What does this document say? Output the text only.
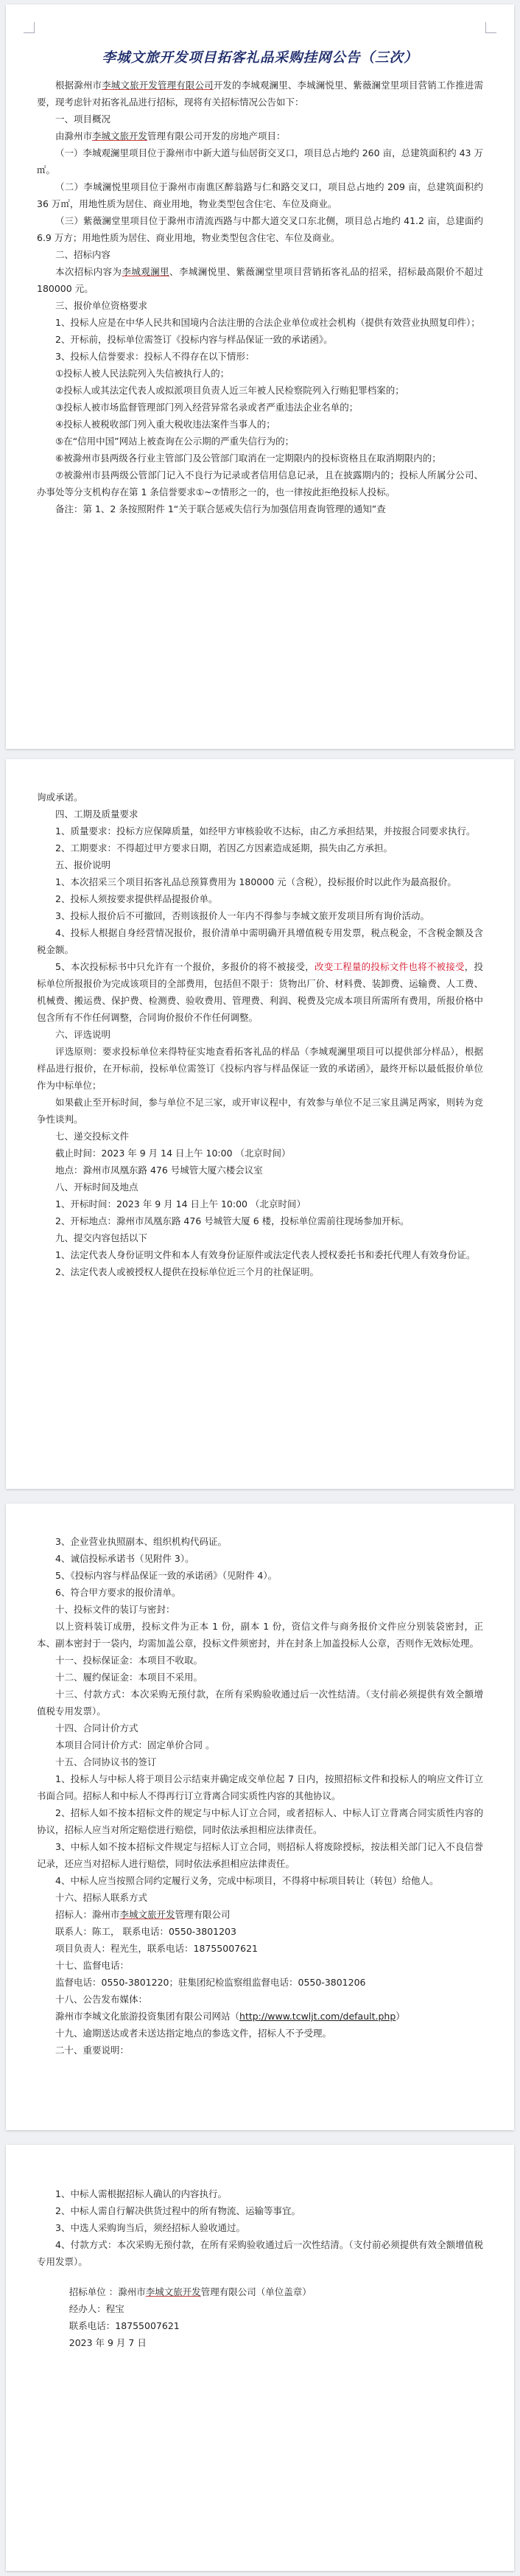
李城文旅开发项目拓客礼品采购挂网公告（三次）

根据滁州市李城文旅开发管理有限公司开发的李城观澜里、李城澜悦里、紫薇澜堂里项目营销工作推进需要，现考虑针对拓客礼品进行招标，现将有关招标情况公告如下：

一、项目概况

由滁州市李城文旅开发管理有限公司开发的房地产项目：

（一）李城观澜里项目位于滁州市中新大道与仙居街交叉口，项目总占地约 260 亩，总建筑面积约 43 万㎡。

（二）李城澜悦里项目位于滁州市南谯区醉翁路与仁和路交叉口，项目总占地约 209 亩，总建筑面积约 36 万㎡，用地性质为居住、商业用地，物业类型包含住宅、车位及商业。

（三）紫薇澜堂里项目位于滁州市清流西路与中都大道交叉口东北侧，项目总占地约 41.2 亩，总建面约 6.9 万方；用地性质为居住、商业用地，物业类型包含住宅、车位及商业。

二、招标内容

本次招标内容为李城观澜里、李城澜悦里、紫薇澜堂里项目营销拓客礼品的招采，招标最高限价不超过 180000 元。

三、报价单位资格要求

1、投标人应是在中华人民共和国境内合法注册的合法企业单位或社会机构（提供有效营业执照复印件）；

2、开标前，投标单位需签订《投标内容与样品保证一致的承诺函》。

3、投标人信誉要求：投标人不得存在以下情形：

①投标人被人民法院列入失信被执行人的；

②投标人或其法定代表人或拟派项目负责人近三年被人民检察院列入行贿犯罪档案的；

③投标人被市场监督管理部门列入经营异常名录或者严重违法企业名单的；

④投标人被税收部门列入重大税收违法案件当事人的；

⑤在“信用中国”网站上被查询在公示期的严重失信行为的；

⑥被滁州市县两级各行业主管部门及公管部门取消在一定期限内的投标资格且在取消期限内的；

⑦被滁州市县两级公管部门记入不良行为记录或者信用信息记录，且在披露期内的；投标人所属分公司、办事处等分支机构存在第 1 条信誉要求①~⑦情形之一的，也一律按此拒绝投标人投标。

备注：第 1、2 条按照附件 1“关于联合惩戒失信行为加强信用查询管理的通知”查

询或承诺。

四、工期及质量要求

1、质量要求：投标方应保障质量，如经甲方审核验收不达标，由乙方承担结果，并按报合同要求执行。

2、工期要求：不得超过甲方要求日期，若因乙方因素造成延期，损失由乙方承担。

五、报价说明

1、本次招采三个项目拓客礼品总预算费用为 180000 元（含税），投标报价时以此作为最高报价。

2、投标人须按要求提供样品提报价单。

3、投标人报价后不可撤回，否则该报价人一年内不得参与李城文旅开发项目所有询价活动。

4、投标人根据自身经营情况报价，报价清单中需明确开具增值税专用发票，税点税金，不含税金额及含税金额。

5、本次投标标书中只允许有一个报价，多报价的将不被接受，改变工程量的投标文件也将不被接受，投标单位所报报价为完成该项目的全部费用，包括但不限于：货物出厂价、材料费、装卸费、运输费、人工费、机械费、搬运费、保护费、检测费、验收费用、管理费、利润、税费及完成本项目所需所有费用，所报价格中包含所有不作任何调整，合同询价报价不作任何调整。

六、评选说明

评选原则：要求投标单位来得特征实地查看拓客礼品的样品（李城观澜里项目可以提供部分样品），根据样品进行报价，在开标前，投标单位需签订《投标内容与样品保证一致的承诺函》，最终开标以最低报价单位作为中标单位；

如果截止至开标时间，参与单位不足三家，或开审议程中，有效参与单位不足三家且满足两家，则转为竞争性谈判。

七、递交投标文件

截止时间：2023 年 9 月 14 日上午 10:00 （北京时间）

地点：滁州市凤凰东路 476 号城管大厦六楼会议室

八、开标时间及地点

1、开标时间：2023 年 9 月 14 日上午 10:00 （北京时间）

2、开标地点：滁州市凤凰东路 476 号城管大厦 6 楼，投标单位需前往现场参加开标。

九、提交内容包括以下

1、法定代表人身份证明文件和本人有效身份证原件或法定代表人授权委托书和委托代理人有效身份证。

2、法定代表人或被授权人提供在投标单位近三个月的社保证明。

3、企业营业执照副本、组织机构代码证。

4、诚信投标承诺书（见附件 3）。

5、《投标内容与样品保证一致的承诺函》（见附件 4）。

6、符合甲方要求的报价清单。

十、投标文件的装订与密封：

以上资料装订成册，投标文件为正本 1 份，副本 1 份，资信文件与商务报价文件应分别装袋密封，正本、副本密封于一袋内，均需加盖公章，投标文件须密封，并在封条上加盖投标人公章，否则作无效标处理。

十一、投标保证金：本项目不收取。

十二、履约保证金：本项目不采用。

十三、付款方式：本次采购无预付款，在所有采购验收通过后一次性结清。（支付前必须提供有效全额增值税专用发票）。

十四、合同计价方式

本项目合同计价方式：固定单价合同 。

十五、合同协议书的签订

1、投标人与中标人将于项目公示结束并确定成交单位起 7 日内，按照招标文件和投标人的响应文件订立书面合同。招标人和中标人不得再行订立背离合同实质性内容的其他协议。

2、招标人如不按本招标文件的规定与中标人订立合同，或者招标人、中标人订立背离合同实质性内容的协议，招标人应当对所定赔偿进行赔偿，同时依法承担相应法律责任。

3、中标人如不按本招标文件规定与招标人订立合同，则招标人将废除授标，按法相关部门记入不良信誉记录，还应当对招标人进行赔偿，同时依法承担相应法律责任。

4、中标人应当按照合同约定履行义务，完成中标项目，不得将中标项目转让（转包）给他人。

十六、招标人联系方式

招标人：滁州市李城文旅开发管理有限公司

联系人：陈工， 联系电话：0550-3801203

项目负责人：程光生，联系电话：18755007621

十七、监督电话：

监督电话：0550-3801220；驻集团纪检监察组监督电话：0550-3801206

十八、公告发布媒体：

滁州市李城文化旅游投资集团有限公司网站（http://www.tcwljt.com/default.php）

十九、逾期送达或者未送达指定地点的参选文件，招标人不予受理。

二十、重要说明：

1、中标人需根据招标人确认的内容执行。

2、中标人需自行解决供货过程中的所有物流、运输等事宜。

3、中选人采购询当后，须经招标人验收通过。

4、付款方式：本次采购无预付款，在所有采购验收通过后一次性结清。（支付前必须提供有效全额增值税专用发票）。

招标单位 ：滁州市李城文旅开发管理有限公司（单位盖章）

经办人：程宝

联系电话：18755007621

2023 年 9 月 7 日
